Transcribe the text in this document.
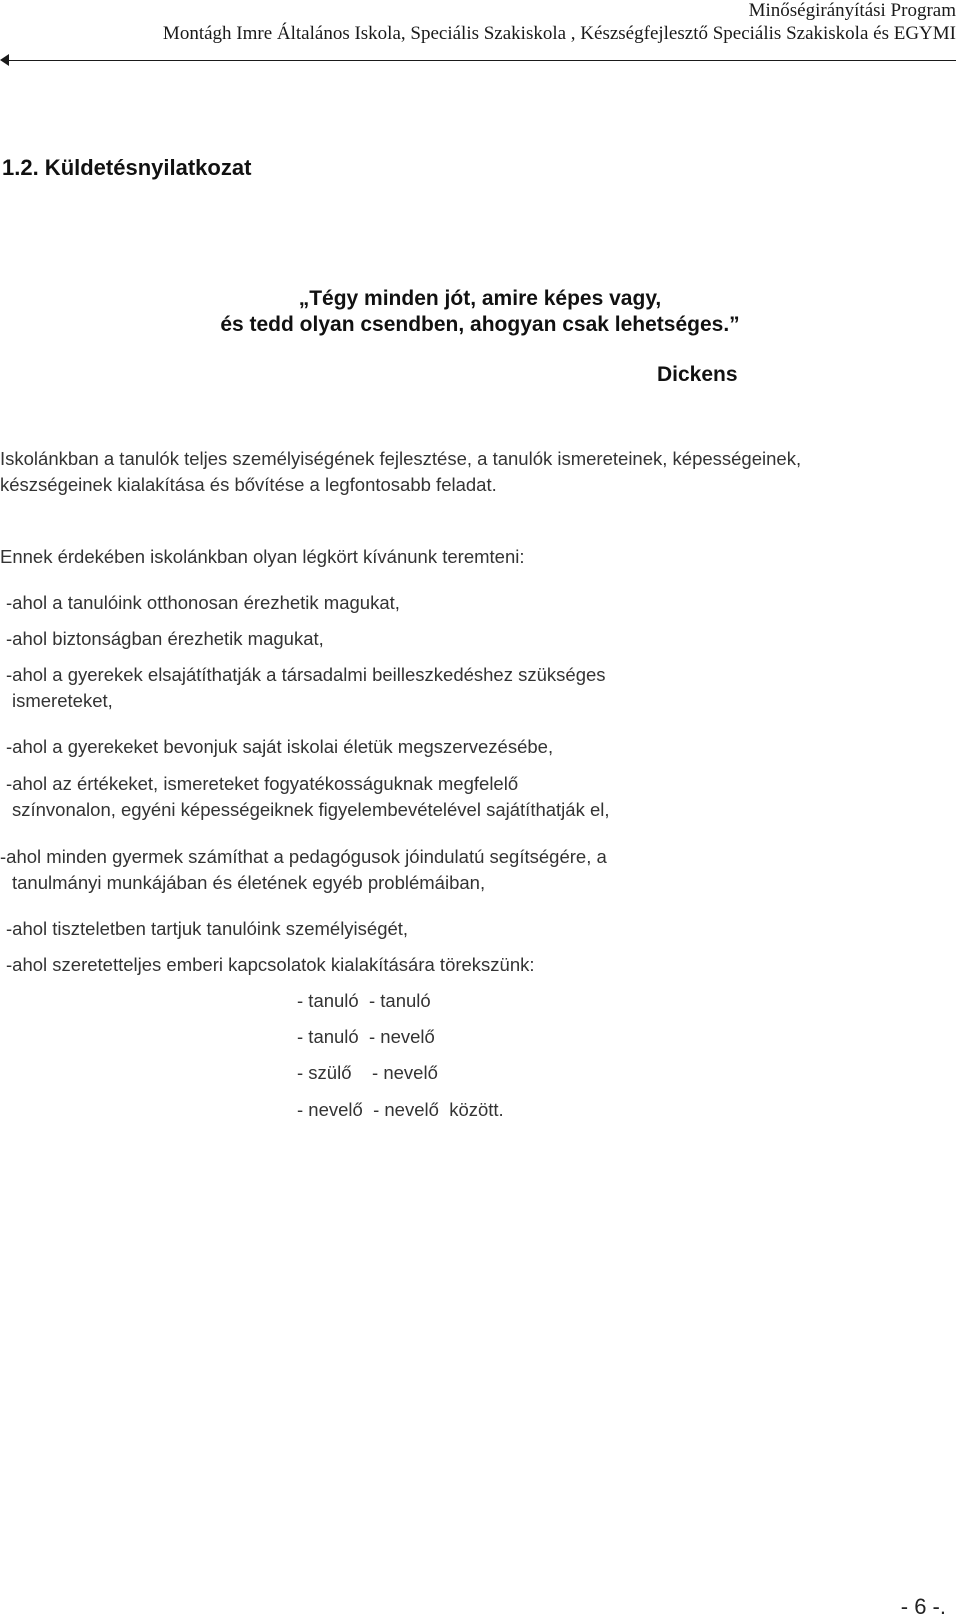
Minőségirányítási Program
Montágh Imre Általános Iskola, Speciális Szakiskola , Készségfejlesztő Speciális Szakiskola és EGYMI
1.2. Küldetésnyilatkozat
„Tégy minden jót, amire képes vagy,
és tedd olyan csendben, ahogyan csak lehetséges.”
Dickens
Iskolánkban a tanulók teljes személyiségének fejlesztése, a tanulók ismereteinek, képességeinek,
készségeinek kialakítása és bővítése a legfontosabb feladat.
Ennek érdekében iskolánkban olyan légkört kívánunk teremteni:
-ahol a tanulóink otthonosan érezhetik magukat,
-ahol biztonságban érezhetik magukat,
-ahol a gyerekek elsajátíthatják a társadalmi beilleszkedéshez szükséges
ismereteket,
-ahol a gyerekeket bevonjuk saját iskolai életük megszervezésébe,
-ahol az értékeket, ismereteket fogyatékosságuknak megfelelő
színvonalon, egyéni képességeiknek figyelembevételével sajátíthatják el,
-ahol minden gyermek számíthat a pedagógusok jóindulatú segítségére, a
tanulmányi munkájában és életének egyéb problémáiban,
-ahol tiszteletben tartjuk tanulóink személyiségét,
-ahol szeretetteljes emberi kapcsolatok kialakítására törekszünk:
- tanuló  - tanuló
- tanuló  - nevelő
- szülő    - nevelő
- nevelő  - nevelő  között.
- 6 -.
